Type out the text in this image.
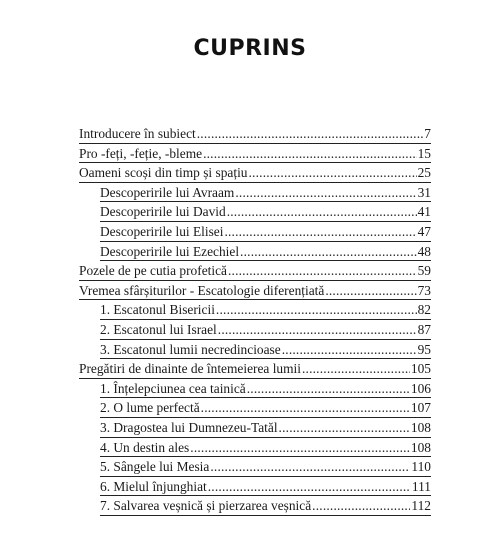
CUPRINS
Introducere în subiect .....	7
Pro -feți, -feție, -bleme .....	15
Oameni scoși din timp și spațiu .....	25
Descoperirile lui Avraam .....	31
Descoperirile lui David .....	41
Descoperirile lui Elisei .....	47
Descoperirile lui Ezechiel .....	48
Pozele de pe cutia profetică .....	59
Vremea sfârșiturilor - Escatologie diferențiată .....	73
1. Escatonul Bisericii .....	82
2. Escatonul lui Israel .....	87
3. Escatonul lumii necredincioase .....	95
Pregătiri de dinainte de întemeierea lumii .....	105
1. Înțelepciunea cea tainică .....	106
2. O lume perfectă .....	107
3. Dragostea lui Dumnezeu-Tatăl .....	108
4. Un destin ales .....	108
5. Sângele lui Mesia .....	110
6. Mielul înjunghiat .....	111
7. Salvarea veșnică și pierzarea veșnică .....	112
